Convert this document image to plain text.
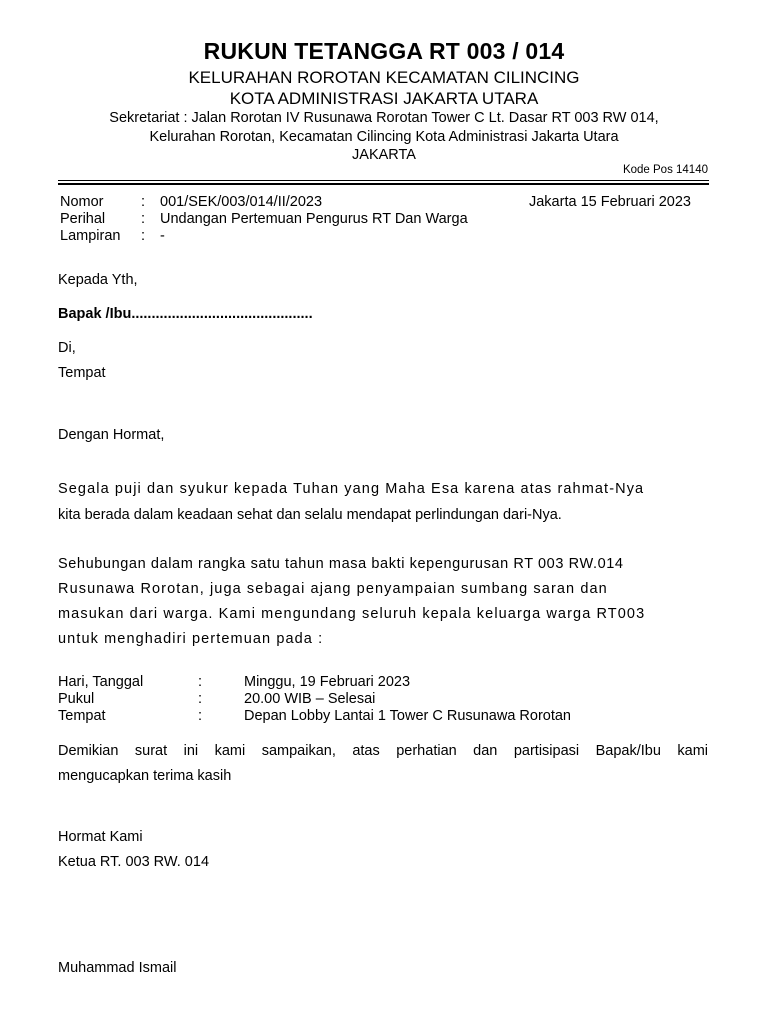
RUKUN TETANGGA RT 003 / 014
KELURAHAN ROROTAN KECAMATAN CILINCING
KOTA ADMINISTRASI JAKARTA UTARA
Sekretariat : Jalan Rorotan IV Rusunawa Rorotan Tower C Lt. Dasar RT 003 RW 014,
Kelurahan Rorotan, Kecamatan Cilincing Kota Administrasi Jakarta Utara
JAKARTA
Kode Pos 14140
Nomor	: 001/SEK/003/014/II/2023	Jakarta 15 Februari 2023
Perihal : Undangan Pertemuan Pengurus RT Dan Warga
Lampiran : -
Kepada Yth,
Bapak /Ibu.............................................
Di,
Tempat
Dengan Hormat,
Segala puji dan syukur kepada Tuhan yang Maha Esa karena atas rahmat-Nya
kita berada dalam keadaan sehat dan selalu mendapat perlindungan dari-Nya.
Sehubungan dalam rangka satu tahun masa bakti kepengurusan RT 003 RW.014
Rusunawa Rorotan, juga sebagai ajang penyampaian sumbang saran dan
masukan dari warga. Kami mengundang seluruh kepala keluarga warga RT003
untuk menghadiri pertemuan pada :
Hari, Tanggal	:	Minggu, 19 Februari 2023
Pukul	:	20.00 WIB – Selesai
Tempat	:	Depan Lobby Lantai 1 Tower C Rusunawa Rorotan
Demikian surat ini kami sampaikan, atas perhatian dan partisipasi Bapak/Ibu kami
mengucapkan terima kasih
Hormat Kami
Ketua RT. 003 RW. 014
Muhammad Ismail
